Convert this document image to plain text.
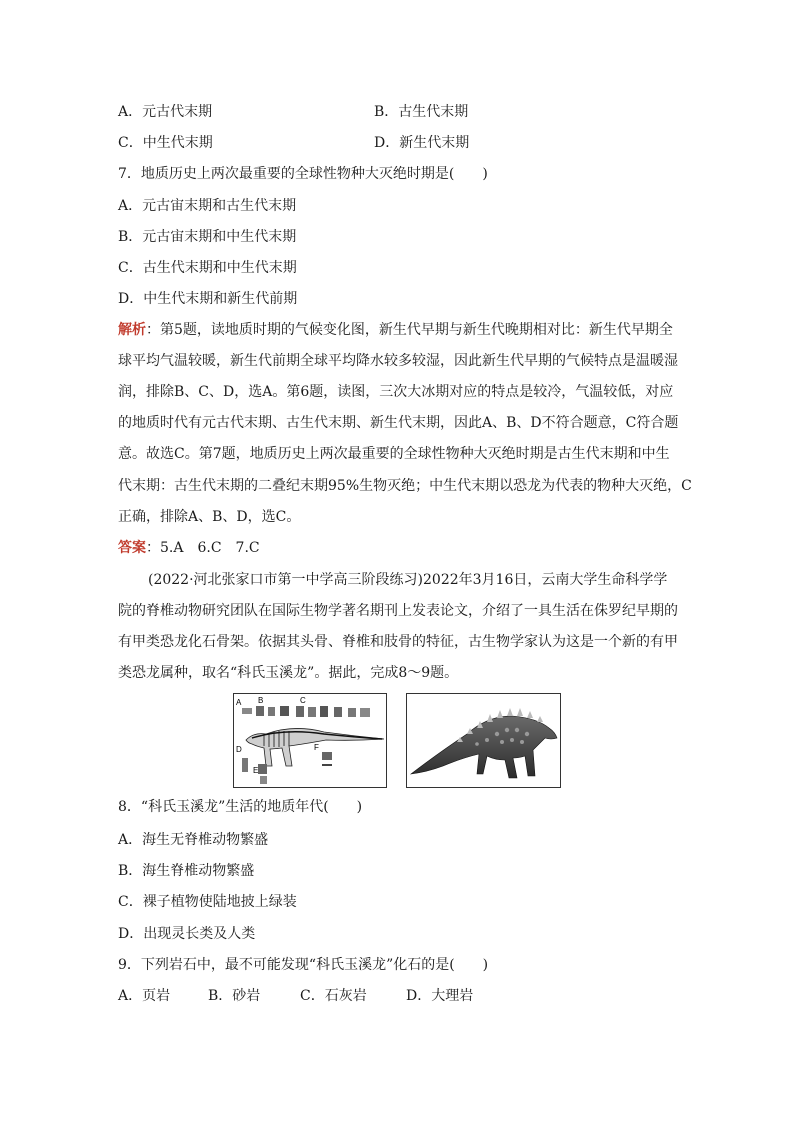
A．元古代末期	B．古生代末期
C．中生代末期	D．新生代末期
7．地质历史上两次最重要的全球性物种大灭绝时期是(　　)
A．元古宙末期和古生代末期
B．元古宙末期和中生代末期
C．古生代末期和中生代末期
D．中生代末期和新生代前期
解析：第5题，读地质时期的气候变化图，新生代早期与新生代晚期相对比：新生代早期全
球平均气温较暖，新生代前期全球平均降水较多较湿，因此新生代早期的气候特点是温暖湿
润，排除B、C、D，选A。第6题，读图，三次大冰期对应的特点是较冷，气温较低，对应
的地质时代有元古代末期、古生代末期、新生代末期，因此A、B、D不符合题意，C符合题
意。故选C。第7题，地质历史上两次最重要的全球性物种大灭绝时期是古生代末期和中生
代末期：古生代末期的二叠纪末期95%生物灭绝；中生代末期以恐龙为代表的物种大灭绝，C
正确，排除A、B、D，选C。
答案：5.A　6.C　7.C
(2022·河北张家口市第一中学高三阶段练习)2022年3月16日，云南大学生命科学学
院的脊椎动物研究团队在国际生物学著名期刊上发表论文，介绍了一具生活在侏罗纪早期的
有甲类恐龙化石骨架。依据其头骨、脊椎和肢骨的特征，古生物学家认为这是一个新的有甲
类恐龙属种，取名“科氏玉溪龙”。据此，完成8～9题。
A B	C
D
E
F
8．“科氏玉溪龙”生活的地质年代(　　)
A．海生无脊椎动物繁盛
B．海生脊椎动物繁盛
C．裸子植物使陆地披上绿装
D．出现灵长类及人类
9．下列岩石中，最不可能发现“科氏玉溪龙”化石的是(　　)
A．页岩	B．砂岩	C．石灰岩	D．大理岩
